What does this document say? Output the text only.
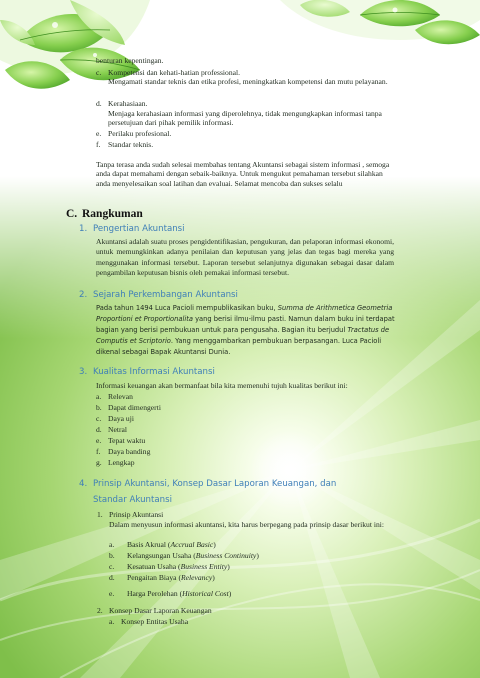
benturan kepentingan.
c. Kompetensi dan kehati-hatian professional.
Mengamati standar teknis dan etika profesi, meningkatkan kompetensi dan mutu pelayanan.
d. Kerahasiaan.
Menjaga kerahasiaan informasi yang diperolehnya, tidak mengungkapkan informasi tanpa persetujuan dari pihak pemilik informasi.
e. Perilaku profesional.
f. Standar teknis.
Tanpa terasa anda sudah selesai membahas tentang Akuntansi sebagai sistem informasi , semoga anda dapat memahami dengan sebaik-baiknya. Untuk mengukut pemahaman tersebut silahkan anda menyelesaikan soal latihan dan evaluai. Selamat mencoba dan sukses selalu
C. Rangkuman
1. Pengertian Akuntansi
Akuntansi adalah suatu proses pengidentifikasian, pengukuran, dan pelaporan informasi ekonomi, untuk memungkinkan adanya penilaian dan keputusan yang jelas dan tegas bagi mereka yang menggunakan informasi tersebut. Laporan tersebut selanjutnya digunakan sebagai dasar dalam pengambilan keputusan bisnis oleh pemakai informasi tersebut.
2. Sejarah Perkembangan Akuntansi
Pada tahun 1494 Luca Pacioli mempublikasikan buku, Summa de Arithmetica Geometria Proportioni et Proportionalita yang berisi ilmu-ilmu pasti. Namun dalam buku ini terdapat bagian yang berisi pembukuan untuk para pengusaha. Bagian itu berjudul Tractatus de Computis et Scriptorio. Yang menggambarkan pembukuan berpasangan. Luca Pacioli dikenal sebagai Bapak Akuntansi Dunia.
3. Kualitas Informasi Akuntansi
Informasi keuangan akan bermanfaat bila kita memenuhi tujuh kualitas berikut ini:
a. Relevan
b. Dapat dimengerti
c. Daya uji
d. Netral
e. Tepat waktu
f. Daya banding
g. Lengkap
4. Prinsip Akuntansi, Konsep Dasar Laporan Keuangan, dan
Standar Akuntansi
1. Prinsip Akuntansi
Dalam menyusun informasi akuntansi, kita harus berpegang pada prinsip dasar berikut ini:
a.	Basis Akrual ( Accrual Basic )
b.	Kelangsungan Usaha ( Business Continuity )
c.	Kesatuan Usaha ( Business Entity )
d.	Pengaitan Biaya ( Relevancy )
e.	Harga Perolehan ( Historical Cost )
2. Konsep Dasar Laporan Keuangan
a. Konsep Entitas Usaha
